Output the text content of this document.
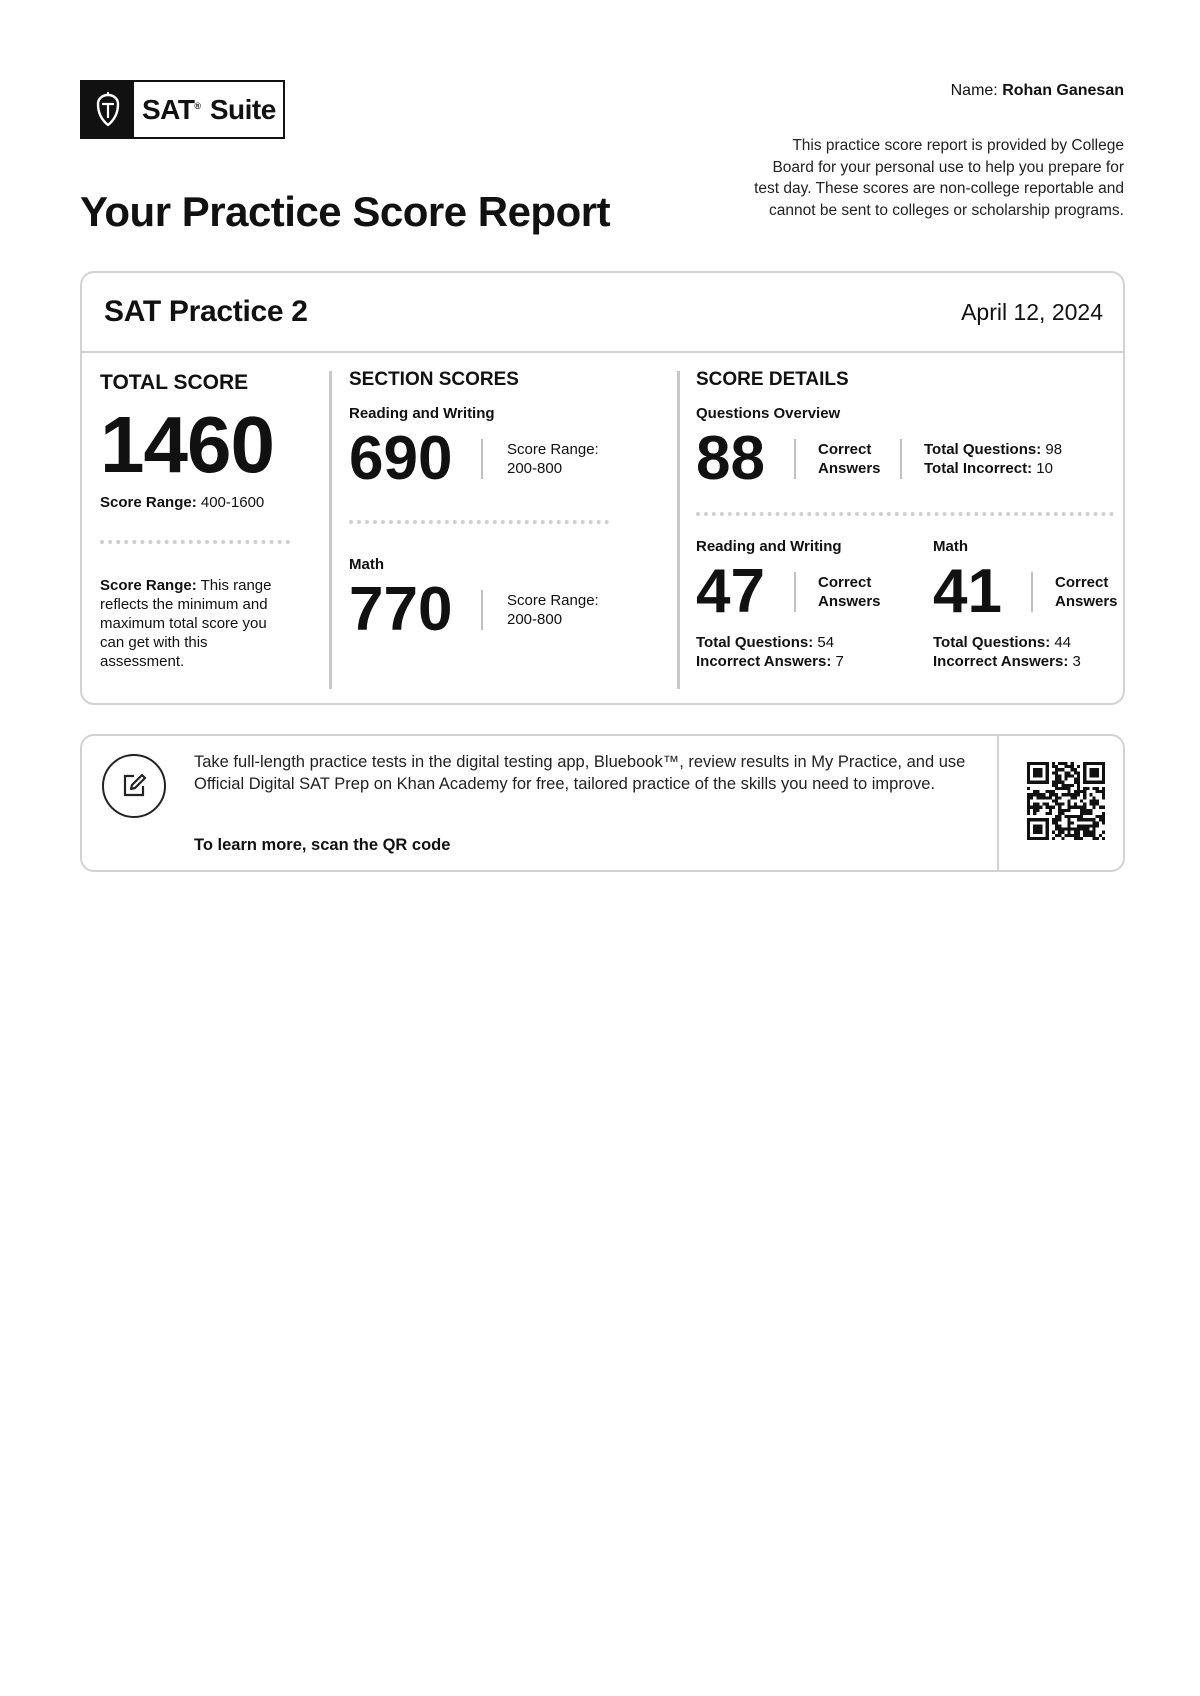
SAT®
Suite
Name: Rohan Ganesan
This practice score report is provided by College Board for your personal use to help you prepare for test day. These scores are non-college reportable and cannot be sent to colleges or scholarship programs.
Your Practice Score Report
SAT Practice 2	April 12, 2024
TOTAL SCORE
1460
Score Range: 400-1600
Score Range: This range reflects the minimum and maximum total score you can get with this assessment.
SECTION SCORES
Reading and Writing
690	Score Range:
200-800
Math
770	Score Range:
200-800
SCORE DETAILS
Questions Overview
88	Correct
Answers
Total Questions: 98
Total Incorrect: 10
Reading and Writing
47	Correct
Answers
Total Questions: 54
Incorrect Answers: 7
Math
41	Correct
Answers
Total Questions: 44
Incorrect Answers: 3
Take full-length practice tests in the digital testing app, Bluebook™, review results in My Practice, and use Official Digital SAT Prep on Khan Academy for free, tailored practice of the skills you need to improve.
To learn more, scan the QR code
